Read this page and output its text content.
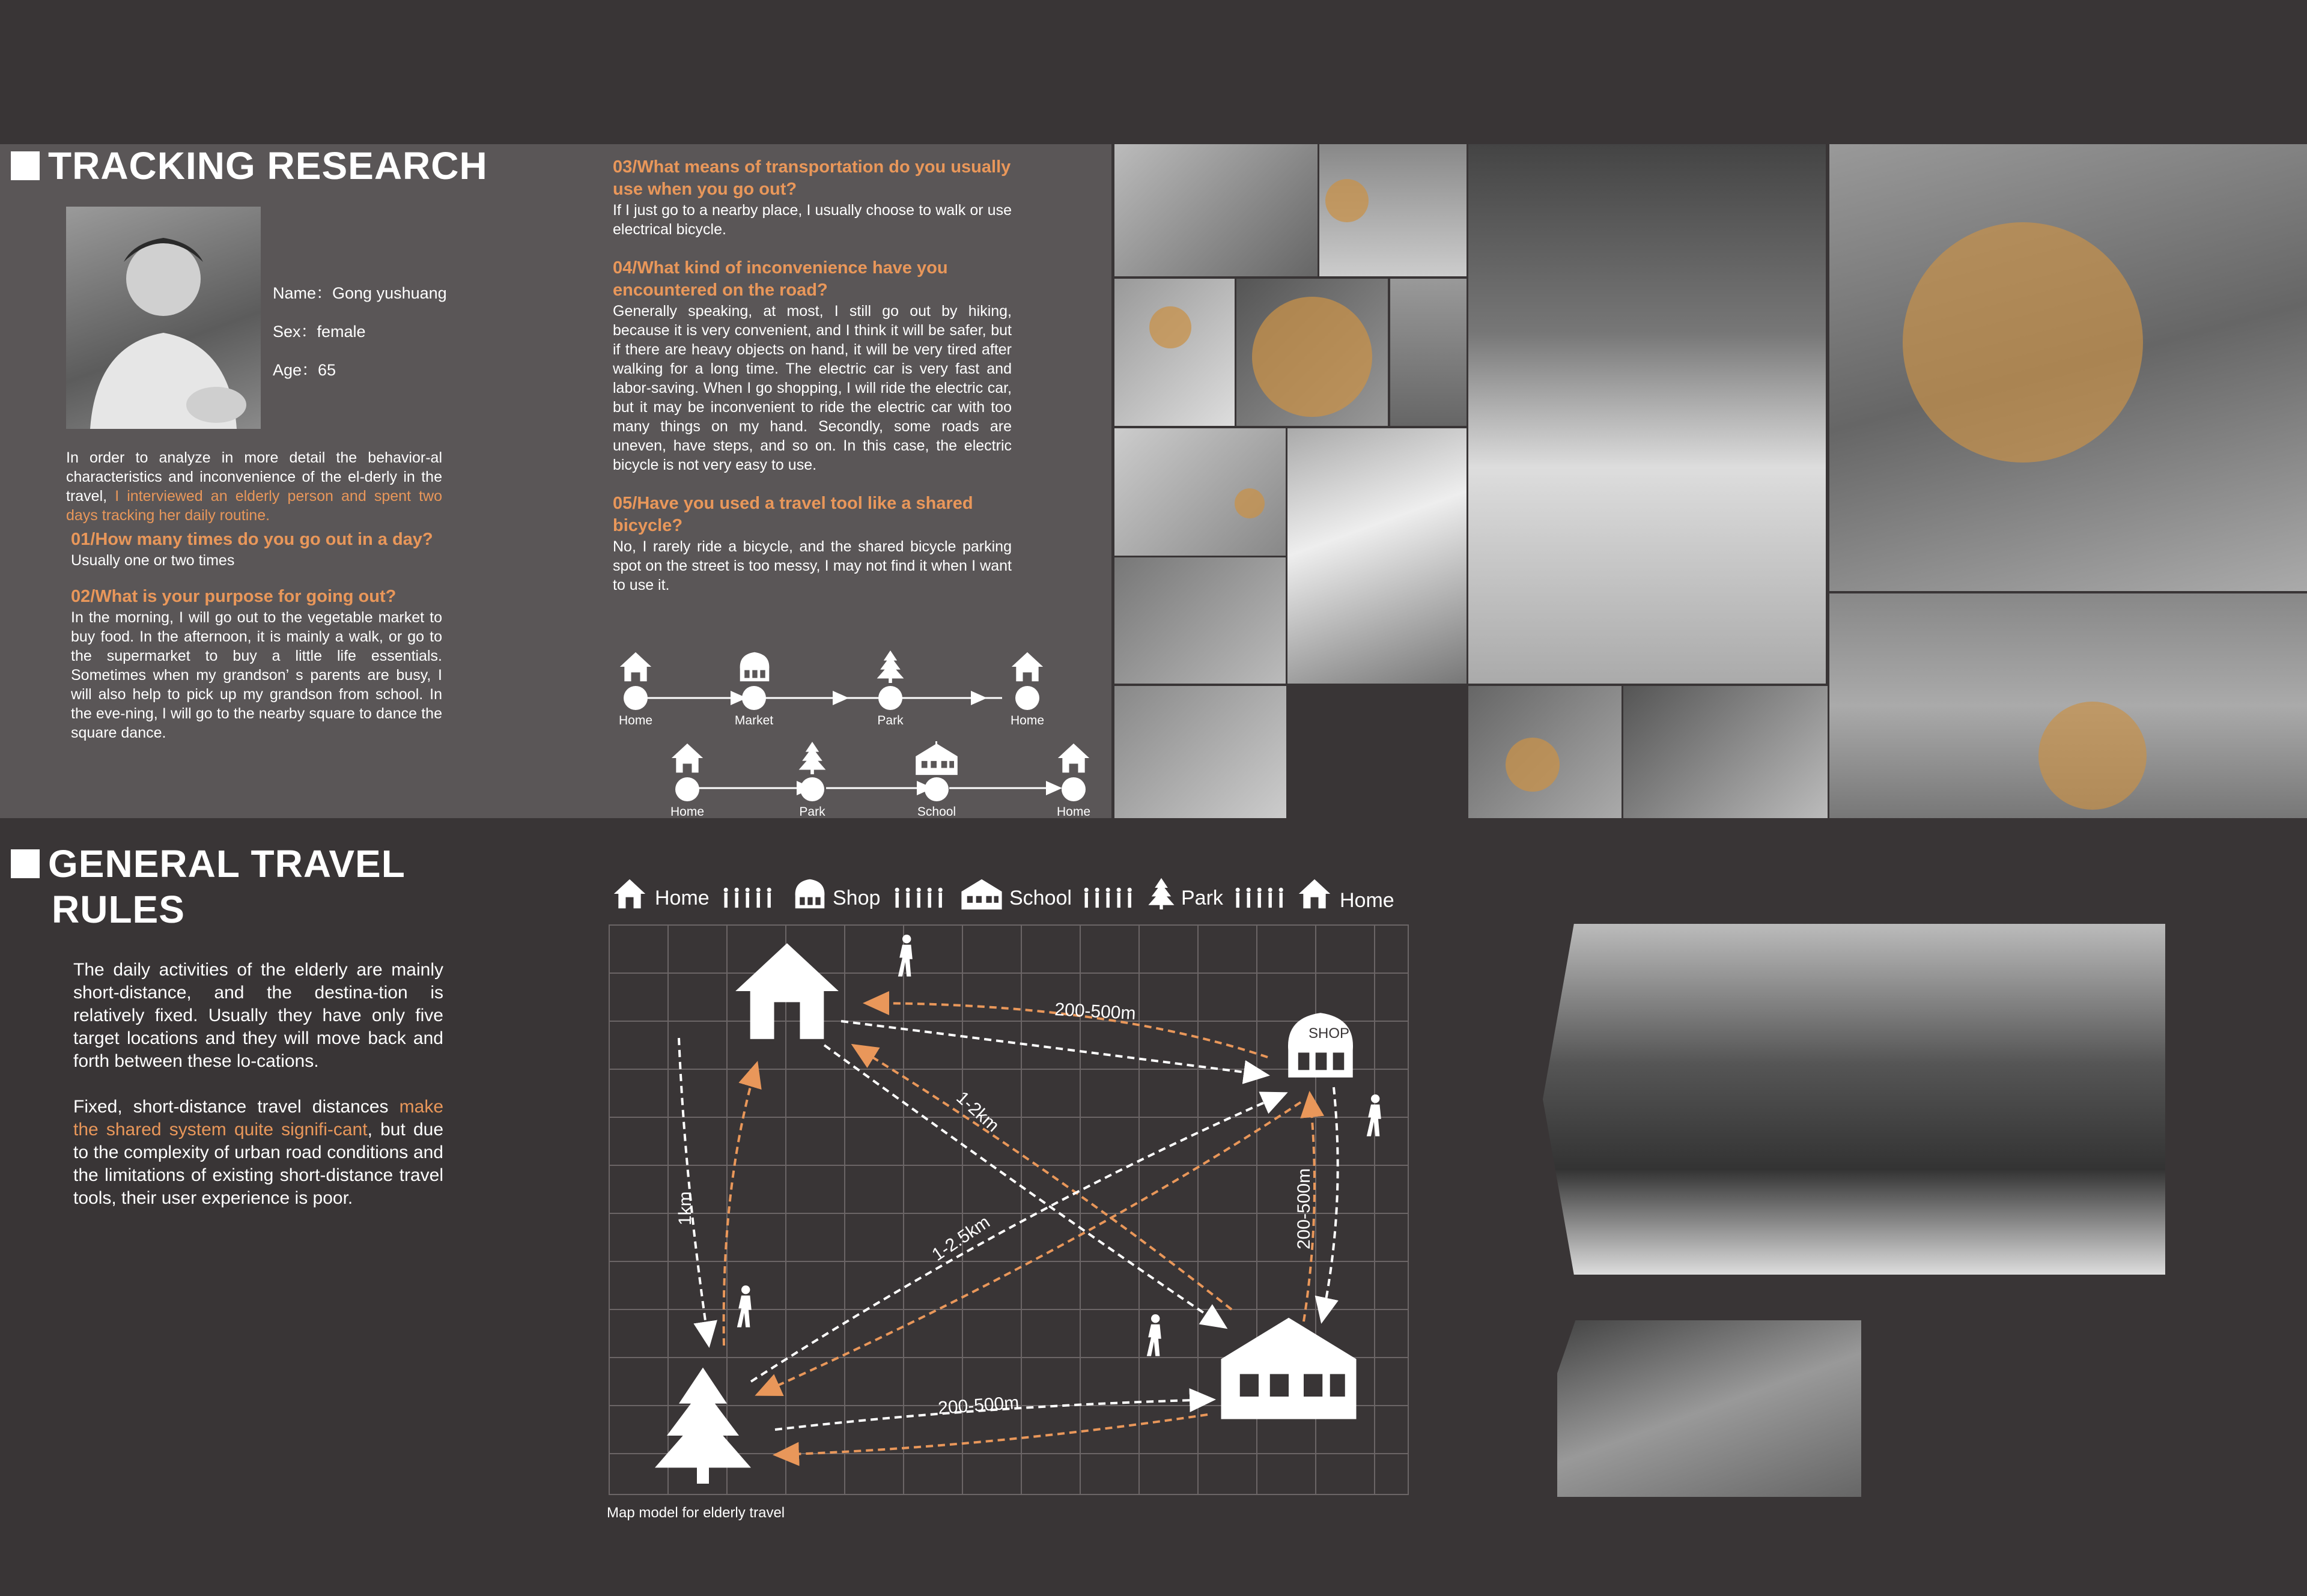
TRACKING RESEARCH
Name：Gong yushuang
Sex：female
Age：65

In order to analyze in more detail the behavior-al characteristics and inconvenience of the el-derly in the travel, I interviewed an elderly person and spent two days tracking her daily routine.

01/How many times do you go out in a day?

Usually one or two times

02/What is your purpose for going out?

In the morning, I will go out to the vegetable market to buy food. In the afternoon, it is mainly a walk, or go to the supermarket to buy a little life essentials. Sometimes when my grandson’ s parents are busy, I will also help to pick up my grandson from school. In the eve-ning, I will go to the nearby square to dance the square dance.

03/What means of transportation do you usually use when you go out?

If I just go to a nearby place, I usually choose to walk or use electrical bicycle.

04/What kind of inconvenience have you encountered on the road?

Generally speaking, at most, I still go out by hiking, because it is very convenient, and I think it will be safer, but if there are heavy objects on hand, it will be very tired after walking for a long time. The electric car is very fast and labor-saving. When I go shopping, I will ride the electric car, but it may be inconvenient to ride the electric car with too many things on my hand. Secondly, some roads are uneven, have steps, and so on. In this case, the electric bicycle is not very easy to use.

05/Have you used a travel tool like a shared bicycle?

No, I rarely ride a bicycle, and the shared bicycle parking spot on the street is too messy, I may not find it when I want to use it.

Home	Market	Park	Home
Home	Park	School	Home
GENERAL TRAVEL
RULES

The daily activities of the elderly are mainly short-distance, and the destina-tion is relatively fixed. Usually they have only five target locations and they will move back and forth between these lo-cations.

Fixed, short-distance travel distances make the shared system quite signifi-cant, but due to the complexity of urban road conditions and the limitations of existing short-distance travel tools, their user experience is poor.

Home	Shop	School	Park	Home
200-500m
1-2km
1-2.5km
1km	200-500m
200-500m
SHOP
Map model for elderly travel
